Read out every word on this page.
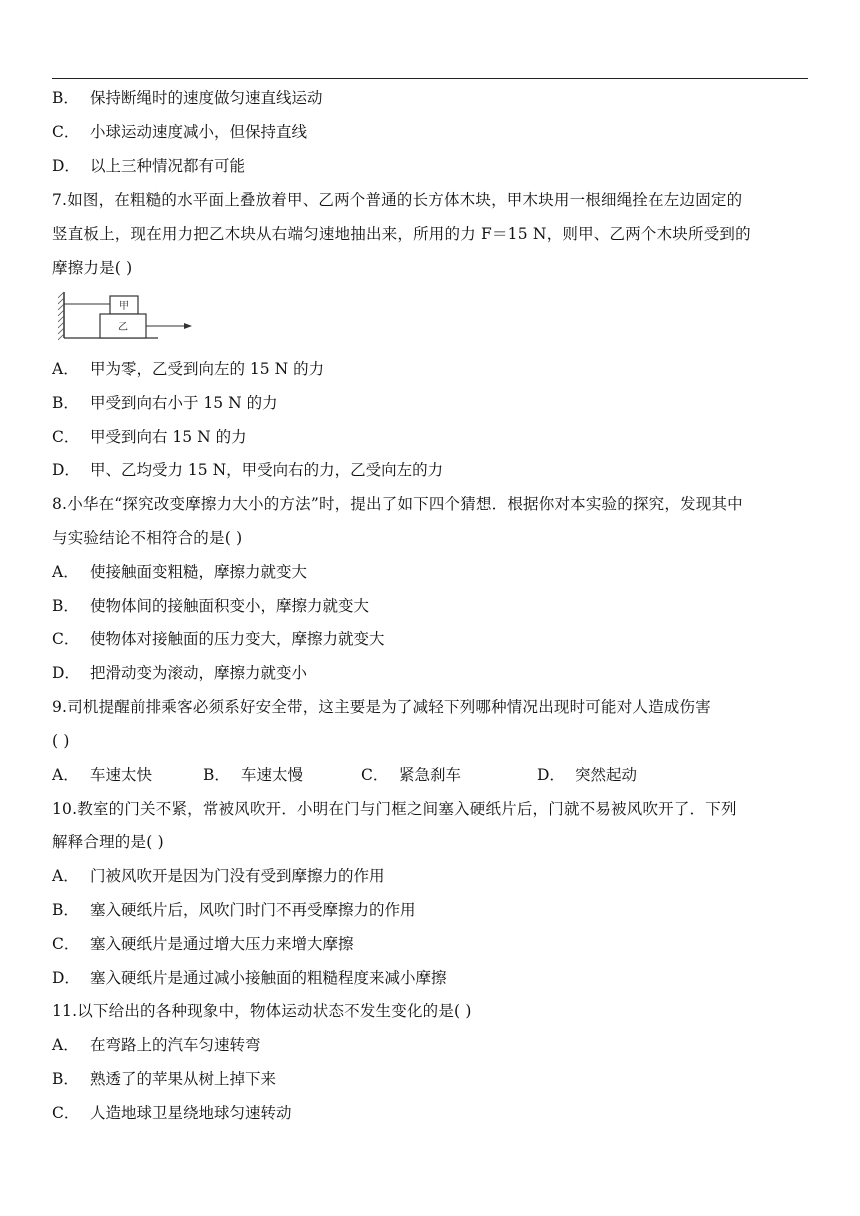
B． 保持断绳时的速度做匀速直线运动
C． 小球运动速度减小，但保持直线
D． 以上三种情况都有可能
7.如图，在粗糙的水平面上叠放着甲、乙两个普通的长方体木块，甲木块用一根细绳拴在左边固定的
竖直板上，现在用力把乙木块从右端匀速地抽出来，所用的力 F＝15 N，则甲、乙两个木块所受到的
摩擦力是( )
甲
乙
A． 甲为零，乙受到向左的 15 N 的力
B． 甲受到向右小于 15 N 的力
C． 甲受到向右 15 N 的力
D． 甲、乙均受力 15 N，甲受向右的力，乙受向左的力
8.小华在“探究改变摩擦力大小的方法”时，提出了如下四个猜想．根据你对本实验的探究，发现其中
与实验结论不相符合的是( )
A． 使接触面变粗糙，摩擦力就变大
B． 使物体间的接触面积变小，摩擦力就变大
C． 使物体对接触面的压力变大，摩擦力就变大
D． 把滑动变为滚动，摩擦力就变小
9.司机提醒前排乘客必须系好安全带，这主要是为了减轻下列哪种情况出现时可能对人造成伤害
( )
A． 车速太快	B． 车速太慢	C． 紧急刹车	D． 突然起动
10.教室的门关不紧，常被风吹开．小明在门与门框之间塞入硬纸片后，门就不易被风吹开了．下列
解释合理的是( )
A． 门被风吹开是因为门没有受到摩擦力的作用
B． 塞入硬纸片后，风吹门时门不再受摩擦力的作用
C． 塞入硬纸片是通过增大压力来增大摩擦
D． 塞入硬纸片是通过减小接触面的粗糙程度来减小摩擦
11.以下给出的各种现象中，物体运动状态不发生变化的是( )
A． 在弯路上的汽车匀速转弯
B． 熟透了的苹果从树上掉下来
C． 人造地球卫星绕地球匀速转动
